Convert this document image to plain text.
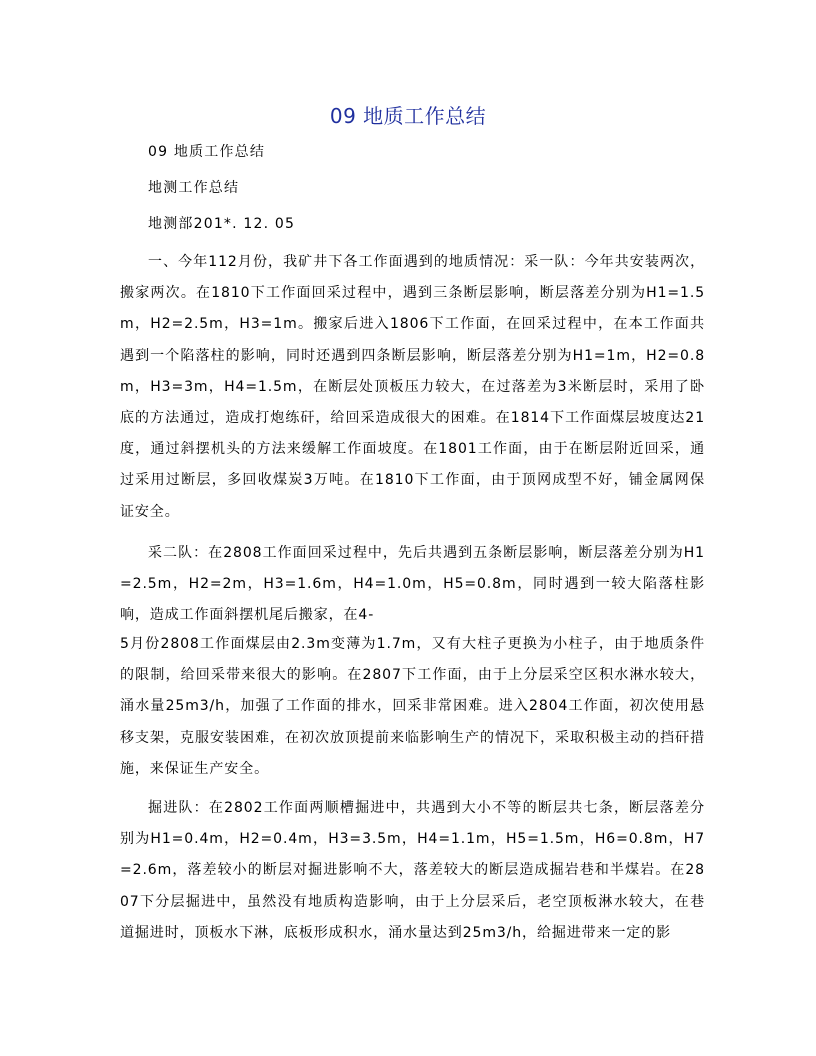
09 地质工作总结
09 地质工作总结
地测工作总结
地测部201*. 12. 05

一、今年112月份，我矿井下各工作面遇到的地质情况：采一队：今年共安装两次，搬家两次。在1810下工作面回采过程中，遇到三条断层影响，断层落差分别为H1=1.5m，H2=2.5m，H3=1m。搬家后进入1806下工作面，在回采过程中，在本工作面共遇到一个陷落柱的影响，同时还遇到四条断层影响，断层落差分别为H1=1m，H2=0.8m，H3=3m，H4=1.5m，在断层处顶板压力较大，在过落差为3米断层时，采用了卧底的方法通过，造成打炮练矸，给回采造成很大的困难。在1814下工作面煤层坡度达21度，通过斜摆机头的方法来缓解工作面坡度。在1801工作面，由于在断层附近回采，通过采用过断层，多回收煤炭3万吨。在1810下工作面，由于顶网成型不好，铺金属网保证安全。

采二队：在2808工作面回采过程中，先后共遇到五条断层影响，断层落差分别为H1=2.5m，H2=2m，H3=1.6m，H4=1.0m，H5=0.8m，同时遇到一较大陷落柱影响，造成工作面斜摆机尾后搬家，在4-

5月份2808工作面煤层由2.3m变薄为1.7m，又有大柱子更换为小柱子，由于地质条件的限制，给回采带来很大的影响。在2807下工作面，由于上分层采空区积水淋水较大，涌水量25m3/h，加强了工作面的排水，回采非常困难。进入2804工作面，初次使用悬移支架，克服安装困难，在初次放顶提前来临影响生产的情况下，采取积极主动的挡矸措施，来保证生产安全。

掘进队：在2802工作面两顺槽掘进中，共遇到大小不等的断层共七条，断层落差分别为H1=0.4m，H2=0.4m，H3=3.5m，H4=1.1m，H5=1.5m，H6=0.8m，H7=2.6m，落差较小的断层对掘进影响不大，落差较大的断层造成掘岩巷和半煤岩。在2807下分层掘进中，虽然没有地质构造影响，由于上分层采后，老空顶板淋水较大，在巷道掘进时，顶板水下淋，底板形成积水，涌水量达到25m3/h，给掘进带来一定的影
